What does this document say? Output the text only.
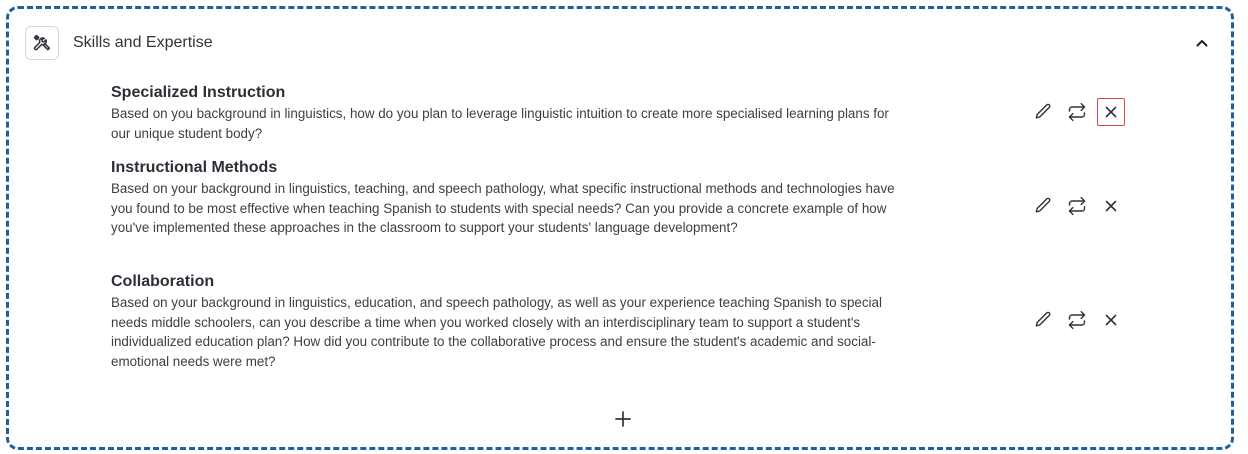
Skills and Expertise
Specialized Instruction
Based on you background in linguistics, how do you plan to leverage linguistic intuition to create more specialised learning plans for our unique student body?
Instructional Methods
Based on your background in linguistics, teaching, and speech pathology, what specific instructional methods and technologies have you found to be most effective when teaching Spanish to students with special needs? Can you provide a concrete example of how you've implemented these approaches in the classroom to support your students' language development?
Collaboration
Based on your background in linguistics, education, and speech pathology, as well as your experience teaching Spanish to special needs middle schoolers, can you describe a time when you worked closely with an interdisciplinary team to support a student's individualized education plan? How did you contribute to the collaborative process and ensure the student's academic and social-emotional needs were met?
